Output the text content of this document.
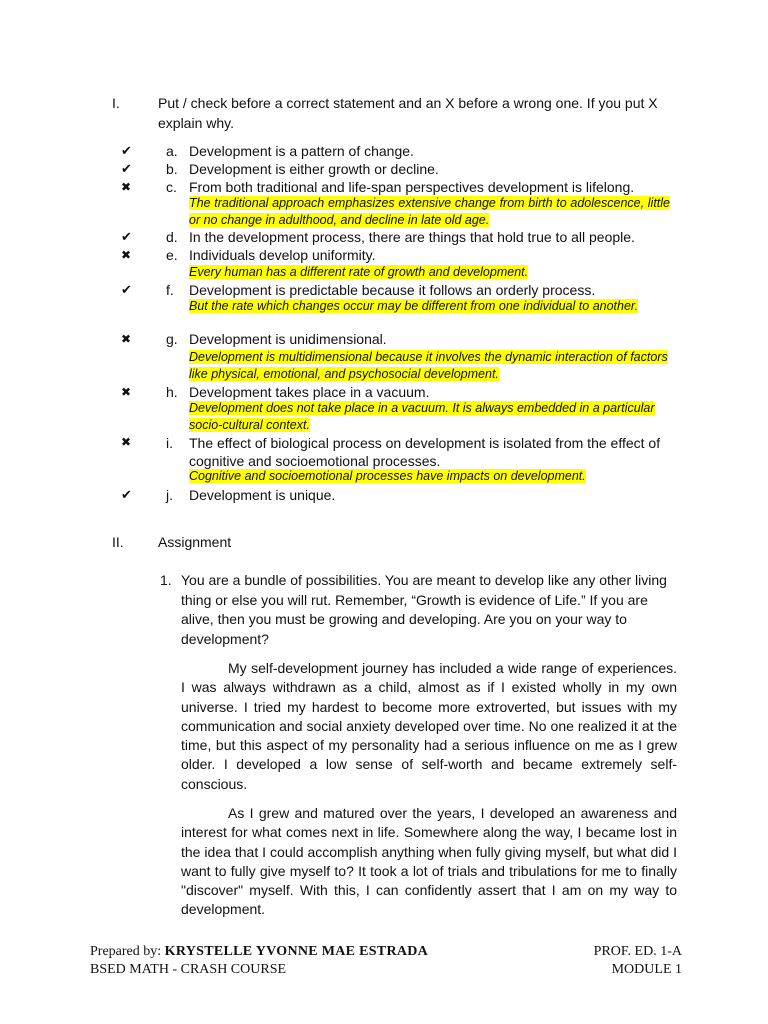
I.	Put / check before a correct statement and an X before a wrong one. If you put X explain why.
✔ a. Development is a pattern of change.
✔ b. Development is either growth or decline.
✖ c. From both traditional and life-span perspectives development is lifelong.
The traditional approach emphasizes extensive change from birth to adolescence, little or no change in adulthood, and decline in late old age.
✔ d. In the development process, there are things that hold true to all people.
✖ e. Individuals develop uniformity.
Every human has a different rate of growth and development.
✔ f. Development is predictable because it follows an orderly process.
But the rate which changes occur may be different from one individual to another.
✖ g. Development is unidimensional.
Development is multidimensional because it involves the dynamic interaction of factors like physical, emotional, and psychosocial development.
✖ h. Development takes place in a vacuum.
Development does not take place in a vacuum. It is always embedded in a particular socio-cultural context.
✖ i. The effect of biological process on development is isolated from the effect of cognitive and socioemotional processes.
Cognitive and socioemotional processes have impacts on development.
✔ j. Development is unique.
II. Assignment
1. You are a bundle of possibilities. You are meant to develop like any other living thing or else you will rut. Remember, “Growth is evidence of Life.” If you are alive, then you must be growing and developing. Are you on your way to development?

My self-development journey has included a wide range of experiences. I was always withdrawn as a child, almost as if I existed wholly in my own universe. I tried my hardest to become more extroverted, but issues with my communication and social anxiety developed over time. No one realized it at the time, but this aspect of my personality had a serious influence on me as I grew older. I developed a low sense of self-worth and became extremely self-conscious.

As I grew and matured over the years, I developed an awareness and interest for what comes next in life. Somewhere along the way, I became lost in the idea that I could accomplish anything when fully giving myself, but what did I want to fully give myself to? It took a lot of trials and tribulations for me to finally "discover" myself. With this, I can confidently assert that I am on my way to development.

Prepared by: KRYSTELLE YVONNE MAE ESTRADA
BSED MATH - CRASH COURSE
PROF. ED. 1-A
MODULE 1
